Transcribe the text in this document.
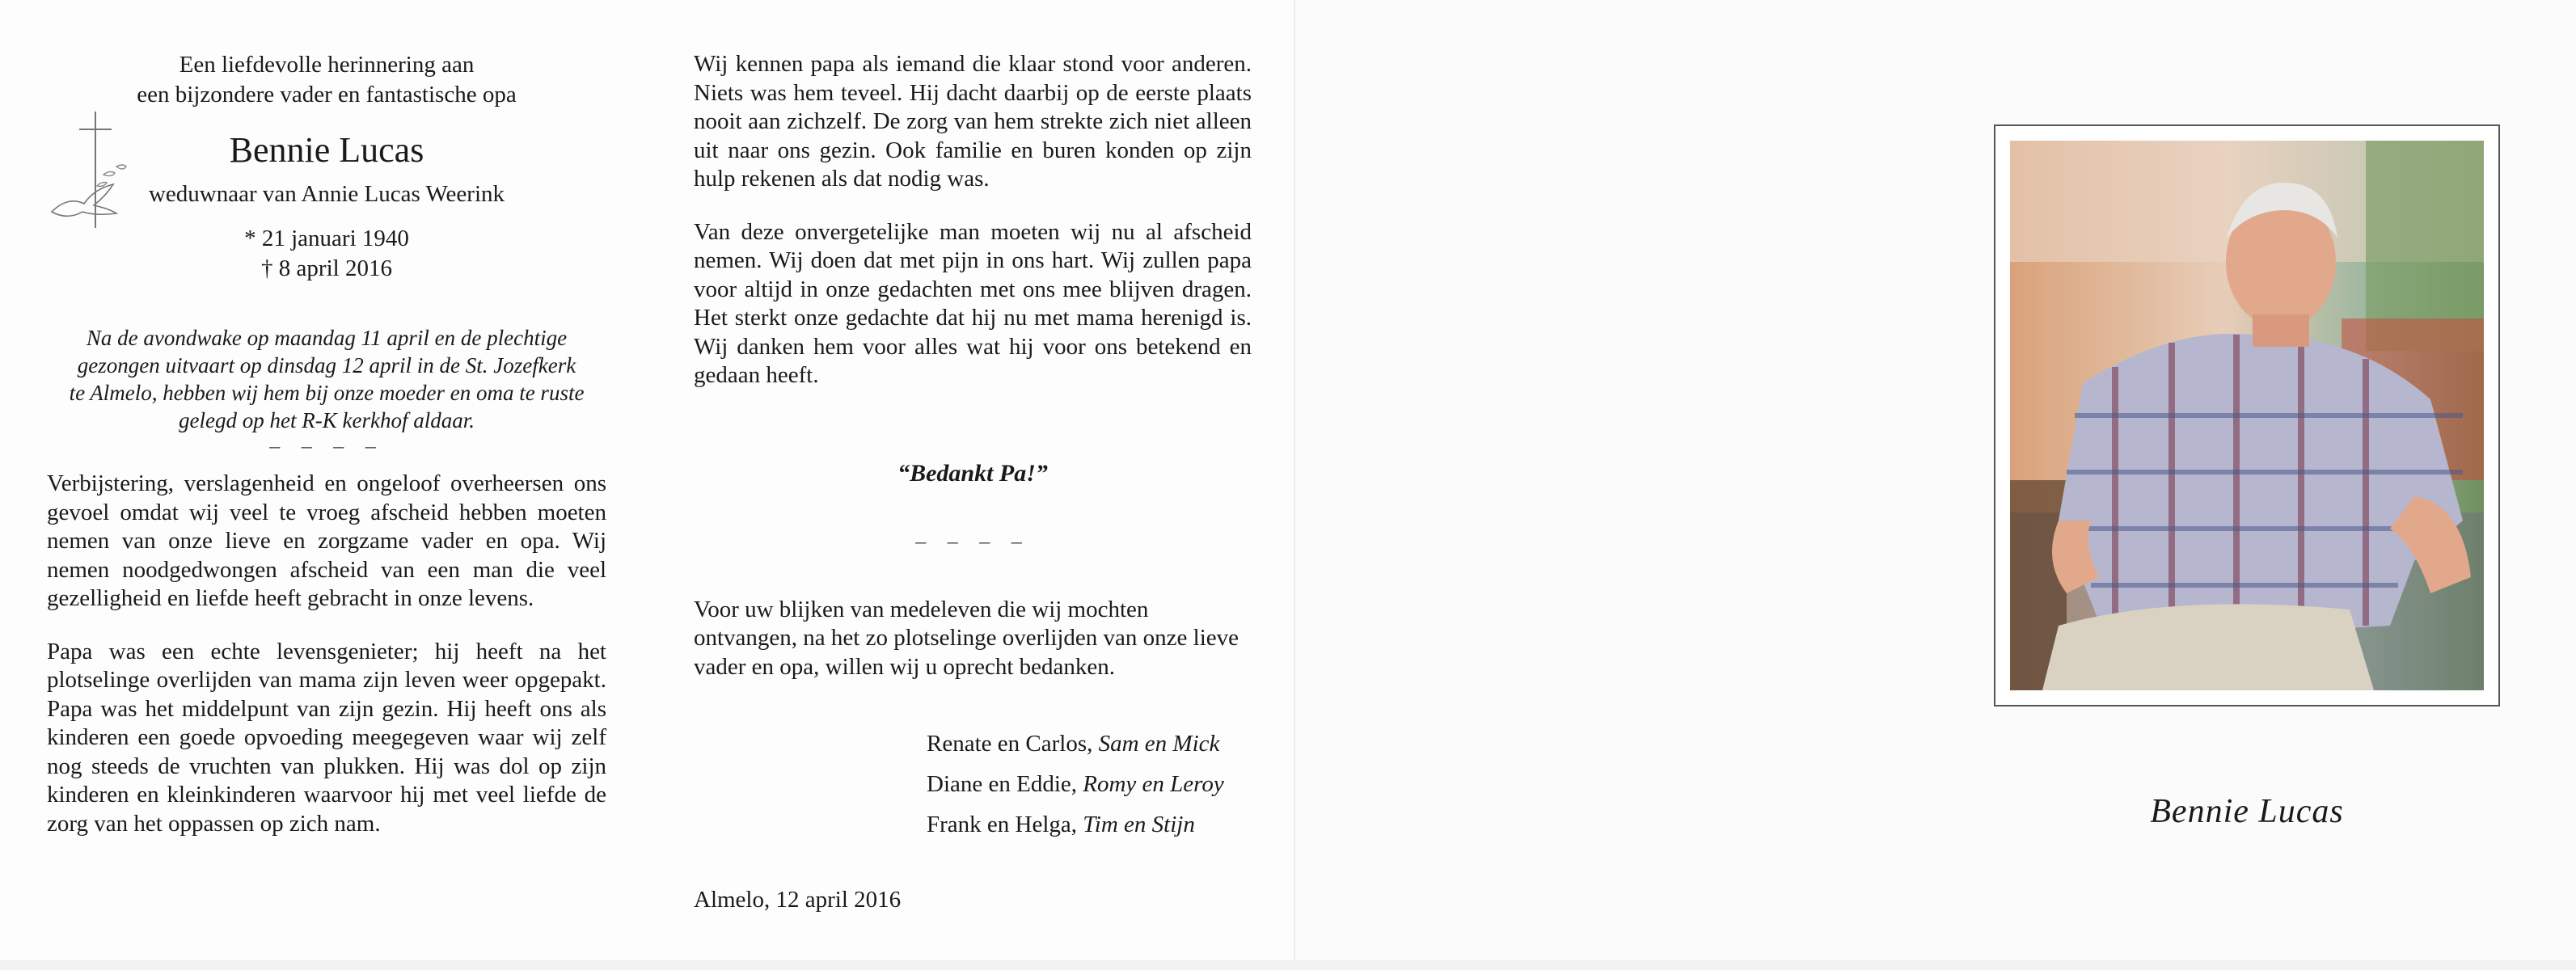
Een liefdevolle herinnering aan
een bijzondere vader en fantastische opa
Bennie Lucas
weduwnaar van Annie Lucas Weerink
* 21 januari 1940
† 8 april 2016
Na de avondwake op maandag 11 april en de plechtige
gezongen uitvaart op dinsdag 12 april in de St. Jozefkerk
te Almelo, hebben wij hem bij onze moeder en oma te ruste
gelegd op het R-K kerkhof aldaar.
– – – –

Verbijstering, verslagenheid en ongeloof overheersen ons gevoel omdat wij veel te vroeg afscheid hebben moeten nemen van onze lieve en zorgzame vader en opa. Wij nemen noodgedwongen afscheid van een man die veel gezelligheid en liefde heeft gebracht in onze levens.

Papa was een echte levensgenieter; hij heeft na het plotselinge overlijden van mama zijn leven weer opgepakt. Papa was het middelpunt van zijn gezin. Hij heeft ons als kinderen een goede opvoeding meegegeven waar wij zelf nog steeds de vruchten van plukken. Hij was dol op zijn kinderen en kleinkinderen waarvoor hij met veel liefde de zorg van het oppassen op zich nam.

Wij kennen papa als iemand die klaar stond voor anderen. Niets was hem teveel. Hij dacht daarbij op de eerste plaats nooit aan zichzelf. De zorg van hem strekte zich niet alleen uit naar ons gezin. Ook familie en buren konden op zijn hulp rekenen als dat nodig was.

Van deze onvergetelijke man moeten wij nu al afscheid nemen. Wij doen dat met pijn in ons hart. Wij zullen papa voor altijd in onze gedachten met ons mee blijven dragen. Het sterkt onze gedachte dat hij nu met mama herenigd is. Wij danken hem voor alles wat hij voor ons betekend en gedaan heeft.

“Bedankt Pa!”
– – – –

Voor uw blijken van medeleven die wij mochten ontvangen, na het zo plotselinge overlijden van onze lieve vader en opa, willen wij u oprecht bedanken.

Renate en Carlos, Sam en Mick
Diane en Eddie, Romy en Leroy
Frank en Helga, Tim en Stijn
Almelo, 12 april 2016
Bennie Lucas
